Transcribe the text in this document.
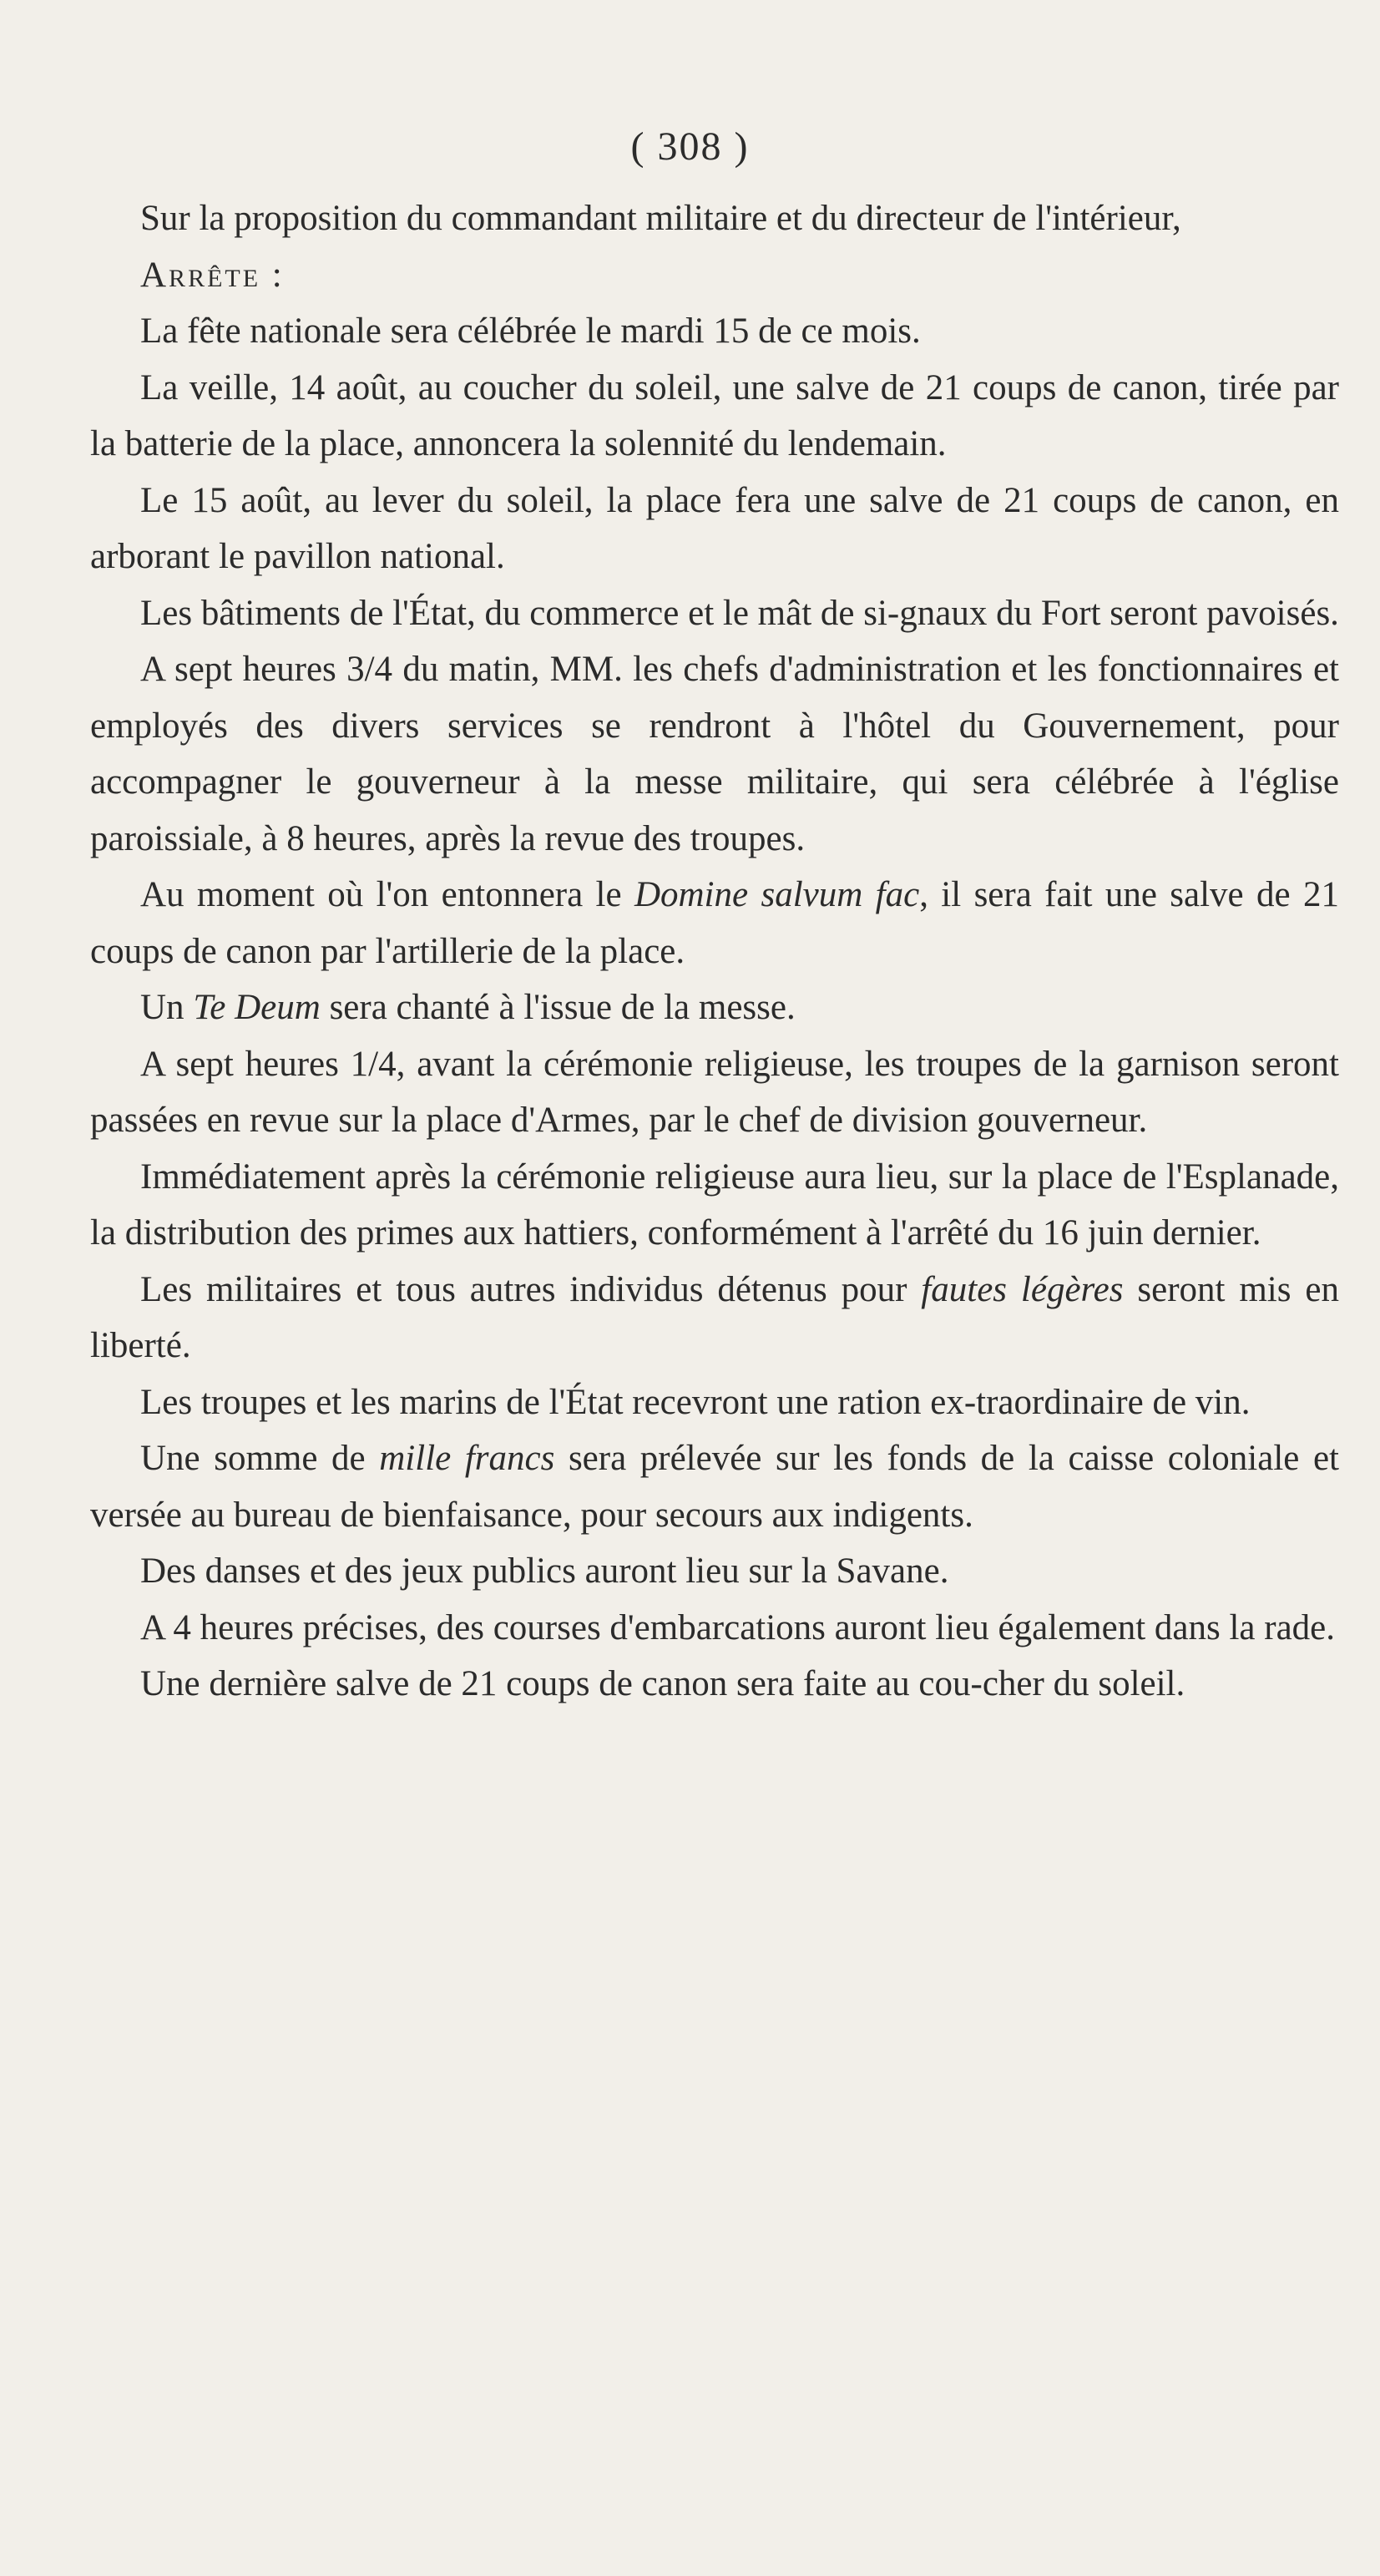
( 308 )

Sur la proposition du commandant militaire et du directeur de l'intérieur,

Arrête :

La fête nationale sera célébrée le mardi 15 de ce mois.

La veille, 14 août, au coucher du soleil, une salve de 21 coups de canon, tirée par la batterie de la place, annoncera la solennité du lendemain.

Le 15 août, au lever du soleil, la place fera une salve de 21 coups de canon, en arborant le pavillon national.

Les bâtiments de l'État, du commerce et le mât de si-gnaux du Fort seront pavoisés.

A sept heures 3/4 du matin, MM. les chefs d'administration et les fonctionnaires et employés des divers services se rendront à l'hôtel du Gouvernement, pour accompagner le gouverneur à la messe militaire, qui sera célébrée à l'église paroissiale, à 8 heures, après la revue des troupes.

Au moment où l'on entonnera le Domine salvum fac, il sera fait une salve de 21 coups de canon par l'artillerie de la place.

Un Te Deum sera chanté à l'issue de la messe.

A sept heures 1/4, avant la cérémonie religieuse, les troupes de la garnison seront passées en revue sur la place d'Armes, par le chef de division gouverneur.

Immédiatement après la cérémonie religieuse aura lieu, sur la place de l'Esplanade, la distribution des primes aux hattiers, conformément à l'arrêté du 16 juin dernier.

Les militaires et tous autres individus détenus pour fautes légères seront mis en liberté.

Les troupes et les marins de l'État recevront une ration ex-traordinaire de vin.

Une somme de mille francs sera prélevée sur les fonds de la caisse coloniale et versée au bureau de bienfaisance, pour secours aux indigents.

Des danses et des jeux publics auront lieu sur la Savane.

A 4 heures précises, des courses d'embarcations auront lieu également dans la rade.

Une dernière salve de 21 coups de canon sera faite au cou-cher du soleil.
